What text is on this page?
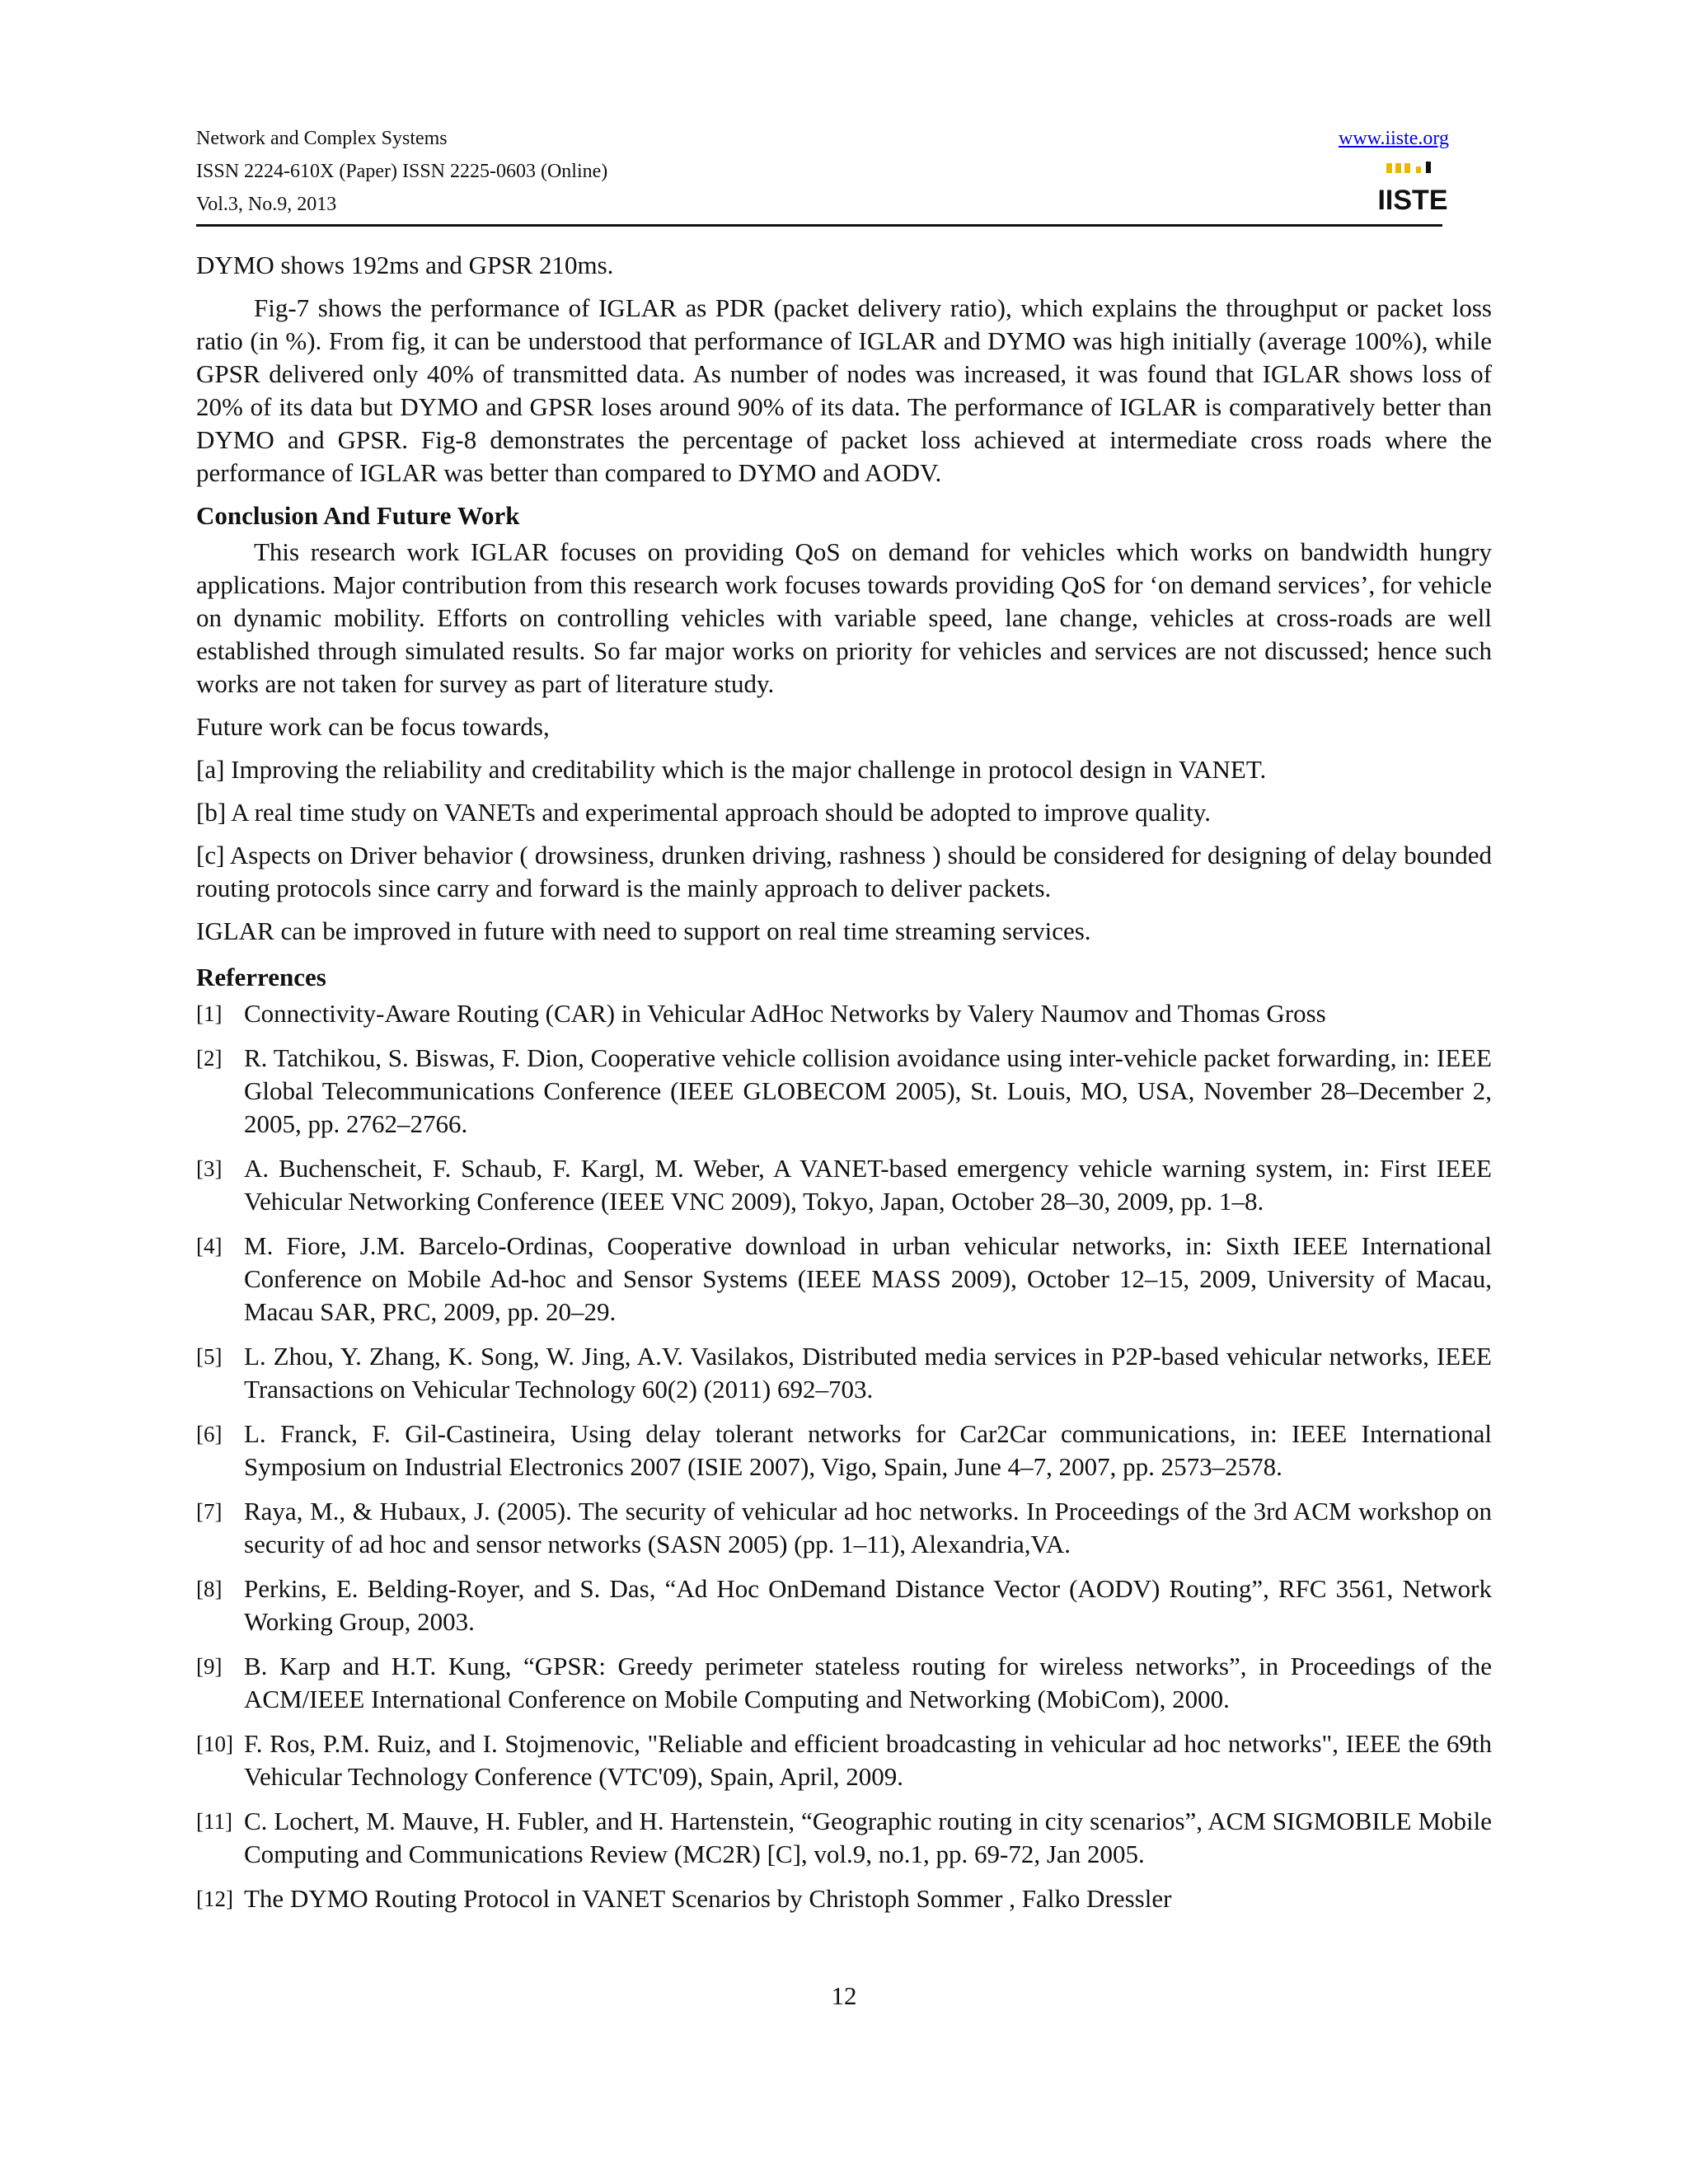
Network and Complex Systems
ISSN 2224-610X (Paper) ISSN 2225-0603 (Online)
Vol.3, No.9, 2013
www.iiste.org
IISTE

DYMO shows 192ms and GPSR 210ms.

Fig-7 shows the performance of IGLAR as PDR (packet delivery ratio), which explains the throughput or packet loss ratio (in %). From fig, it can be understood that performance of IGLAR and DYMO was high initially (average 100%), while GPSR delivered only 40% of transmitted data. As number of nodes was increased, it was found that IGLAR shows loss of 20% of its data but DYMO and GPSR loses around 90% of its data. The performance of IGLAR is comparatively better than DYMO and GPSR. Fig-8 demonstrates the percentage of packet loss achieved at intermediate cross roads where the performance of IGLAR was better than compared to DYMO and AODV.

Conclusion And Future Work

This research work IGLAR focuses on providing QoS on demand for vehicles which works on bandwidth hungry applications. Major contribution from this research work focuses towards providing QoS for ‘on demand services’, for vehicle on dynamic mobility. Efforts on controlling vehicles with variable speed, lane change, vehicles at cross-roads are well established through simulated results. So far major works on priority for vehicles and services are not discussed; hence such works are not taken for survey as part of literature study.

Future work can be focus towards,

[a] Improving the reliability and creditability which is the major challenge in protocol design in VANET.

[b] A real time study on VANETs and experimental approach should be adopted to improve quality.

[c] Aspects on Driver behavior ( drowsiness, drunken driving, rashness ) should be considered for designing of delay bounded routing protocols since carry and forward is the mainly approach to deliver packets.

IGLAR can be improved in future with need to support on real time streaming services.

Referrences

[1] Connectivity-Aware Routing (CAR) in Vehicular AdHoc Networks by Valery Naumov and Thomas Gross
[2] R. Tatchikou, S. Biswas, F. Dion, Cooperative vehicle collision avoidance using inter-vehicle packet forwarding, in: IEEE Global Telecommunications Conference (IEEE GLOBECOM 2005), St. Louis, MO, USA, November 28–December 2, 2005, pp. 2762–2766.
[3] A. Buchenscheit, F. Schaub, F. Kargl, M. Weber, A VANET-based emergency vehicle warning system, in: First IEEE Vehicular Networking Conference (IEEE VNC 2009), Tokyo, Japan, October 28–30, 2009, pp. 1–8.
[4] M. Fiore, J.M. Barcelo-Ordinas, Cooperative download in urban vehicular networks, in: Sixth IEEE International Conference on Mobile Ad-hoc and Sensor Systems (IEEE MASS 2009), October 12–15, 2009, University of Macau, Macau SAR, PRC, 2009, pp. 20–29.
[5] L. Zhou, Y. Zhang, K. Song, W. Jing, A.V. Vasilakos, Distributed media services in P2P-based vehicular networks, IEEE Transactions on Vehicular Technology 60(2) (2011) 692–703.
[6] L. Franck, F. Gil-Castineira, Using delay tolerant networks for Car2Car communications, in: IEEE International Symposium on Industrial Electronics 2007 (ISIE 2007), Vigo, Spain, June 4–7, 2007, pp. 2573–2578.
[7] Raya, M., & Hubaux, J. (2005). The security of vehicular ad hoc networks. In Proceedings of the 3rd ACM workshop on security of ad hoc and sensor networks (SASN 2005) (pp. 1–11), Alexandria,VA.
[8] Perkins, E. Belding-Royer, and S. Das, “Ad Hoc OnDemand Distance Vector (AODV) Routing”, RFC 3561, Network Working Group, 2003.
[9] B. Karp and H.T. Kung, “GPSR: Greedy perimeter stateless routing for wireless networks”, in Proceedings of the ACM/IEEE International Conference on Mobile Computing and Networking (MobiCom), 2000.
[10] F. Ros, P.M. Ruiz, and I. Stojmenovic, "Reliable and efficient broadcasting in vehicular ad hoc networks", IEEE the 69th Vehicular Technology Conference (VTC'09), Spain, April, 2009.
[11] C. Lochert, M. Mauve, H. Fubler, and H. Hartenstein, “Geographic routing in city scenarios”, ACM SIGMOBILE Mobile Computing and Communications Review (MC2R) [C], vol.9, no.1, pp. 69-72, Jan 2005.
[12] The DYMO Routing Protocol in VANET Scenarios by Christoph Sommer , Falko Dressler
12
